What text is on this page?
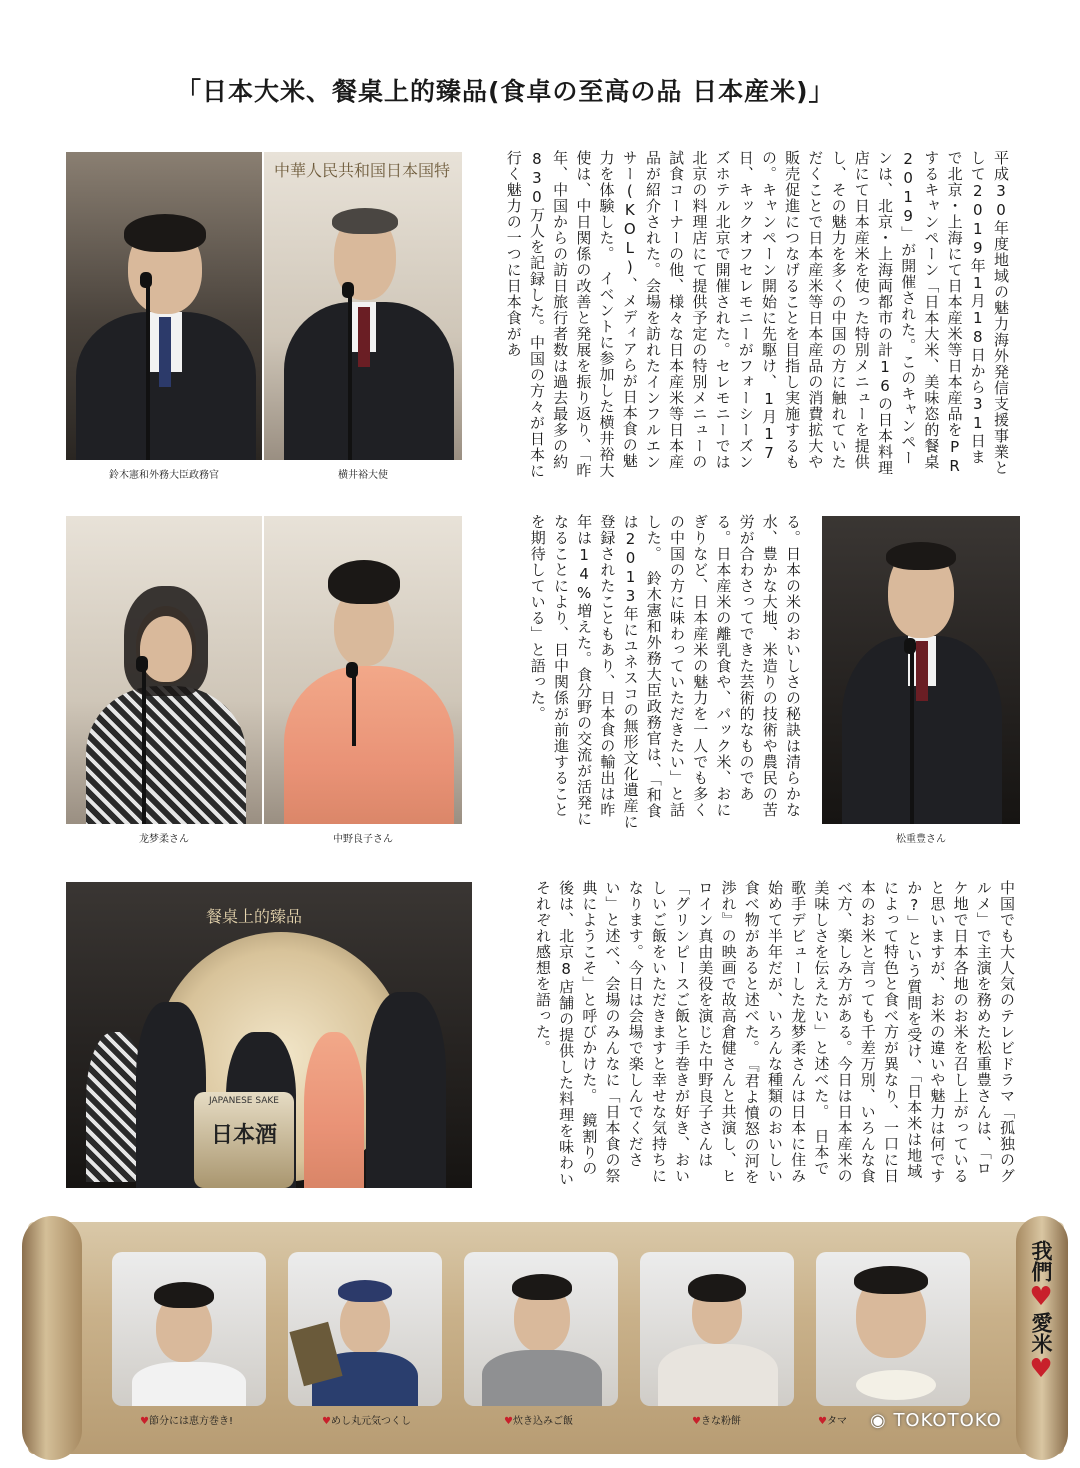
「日本大米、餐桌上的臻品(食卓の至高の品 日本産米)」
中華人民共和国日本国特
鈴木憲和外務大臣政務官	横井裕大使	平成30年度地域の魅力海外発信支援事業として2019年1月18日から31日まで北京・上海にて日本産米等日本産品をPRするキャンペーン「日本大米、美味恣的餐桌2019」が開催された。このキャンペーンは、北京・上海両都市の計16の日本料理店にて日本産米を使った特別メニューを提供し、その魅力を多くの中国の方に触れていただくことで日本産米等日本産品の消費拡大や販売促進につなげることを目指し実施するもの。キャンペーン開始に先駆け、1月17日、キックオフセレモニーがフォーシーズンズホテル北京で開催された。セレモニーでは北京の料理店にて提供予定の特別メニューの試食コーナーの他、様々な日本産米等日本産品が紹介された。会場を訪れたインフルエンサー(KOL)、メディアらが日本食の魅力を体験した。　イベントに参加した横井裕大使は、中日関係の改善と発展を振り返り、「昨年、中国からの訪日旅行者数は過去最多の約830万人を記録した。中国の方々が日本に行く魅力の一つに日本食があ
龙梦柔さん	中野良子さん
る。日本の米のおいしさの秘訣は清らかな水、豊かな大地、米造りの技術や農民の苦労が合わさってできた芸術的なものである。日本産米の離乳食や、パック米、おにぎりなど、日本産米の魅力を一人でも多くの中国の方に味わっていただきたい」と話した。　鈴木憲和外務大臣政務官は、「和食は2013年にユネスコの無形文化遺産に登録されたこともあり、日本食の輸出は昨年は14%増えた。食分野の交流が活発になることにより、日中関係が前進することを期待している」と語った。
松重豊さん
餐桌上的臻品
JAPANESE SAKE
日本酒	中国でも大人気のテレビドラマ「孤独のグルメ」で主演を務めた松重豊さんは、「ロケ地で日本各地のお米を召し上がっていると思いますが、お米の違いや魅力は何ですか?」という質問を受け、「日本米は地域によって特色と食べ方が異なり、一口に日本のお米と言っても千差万別、いろんな食べ方、楽しみ方がある。今日は日本産米の美味しさを伝えたい」と述べた。　日本で歌手デビューした龙梦柔さんは日本に住み始めて半年だが、いろんな種類のおいしい食べ物があると述べた。　『君よ憤怒の河を渉れ』の映画で故高倉健さんと共演し、ヒロイン真由美役を演じた中野良子さんは「グリンピースご飯と手巻きが好き、おいしいご飯をいただきますと幸せな気持ちになります。今日は会場で楽しんでください」と述べ、会場のみんなに「日本食の祭典にようこそ」と呼びかけた。　鏡割りの後は、北京8店舗の提供した料理を味わいそれぞれ感想を語った。
我們
♥
愛米
♥
♥節分には恵方巻き!	♥めし丸元気つくし	♥炊き込みご飯	♥きな粉餅	♥タマ ◉ TOKOTOKO
